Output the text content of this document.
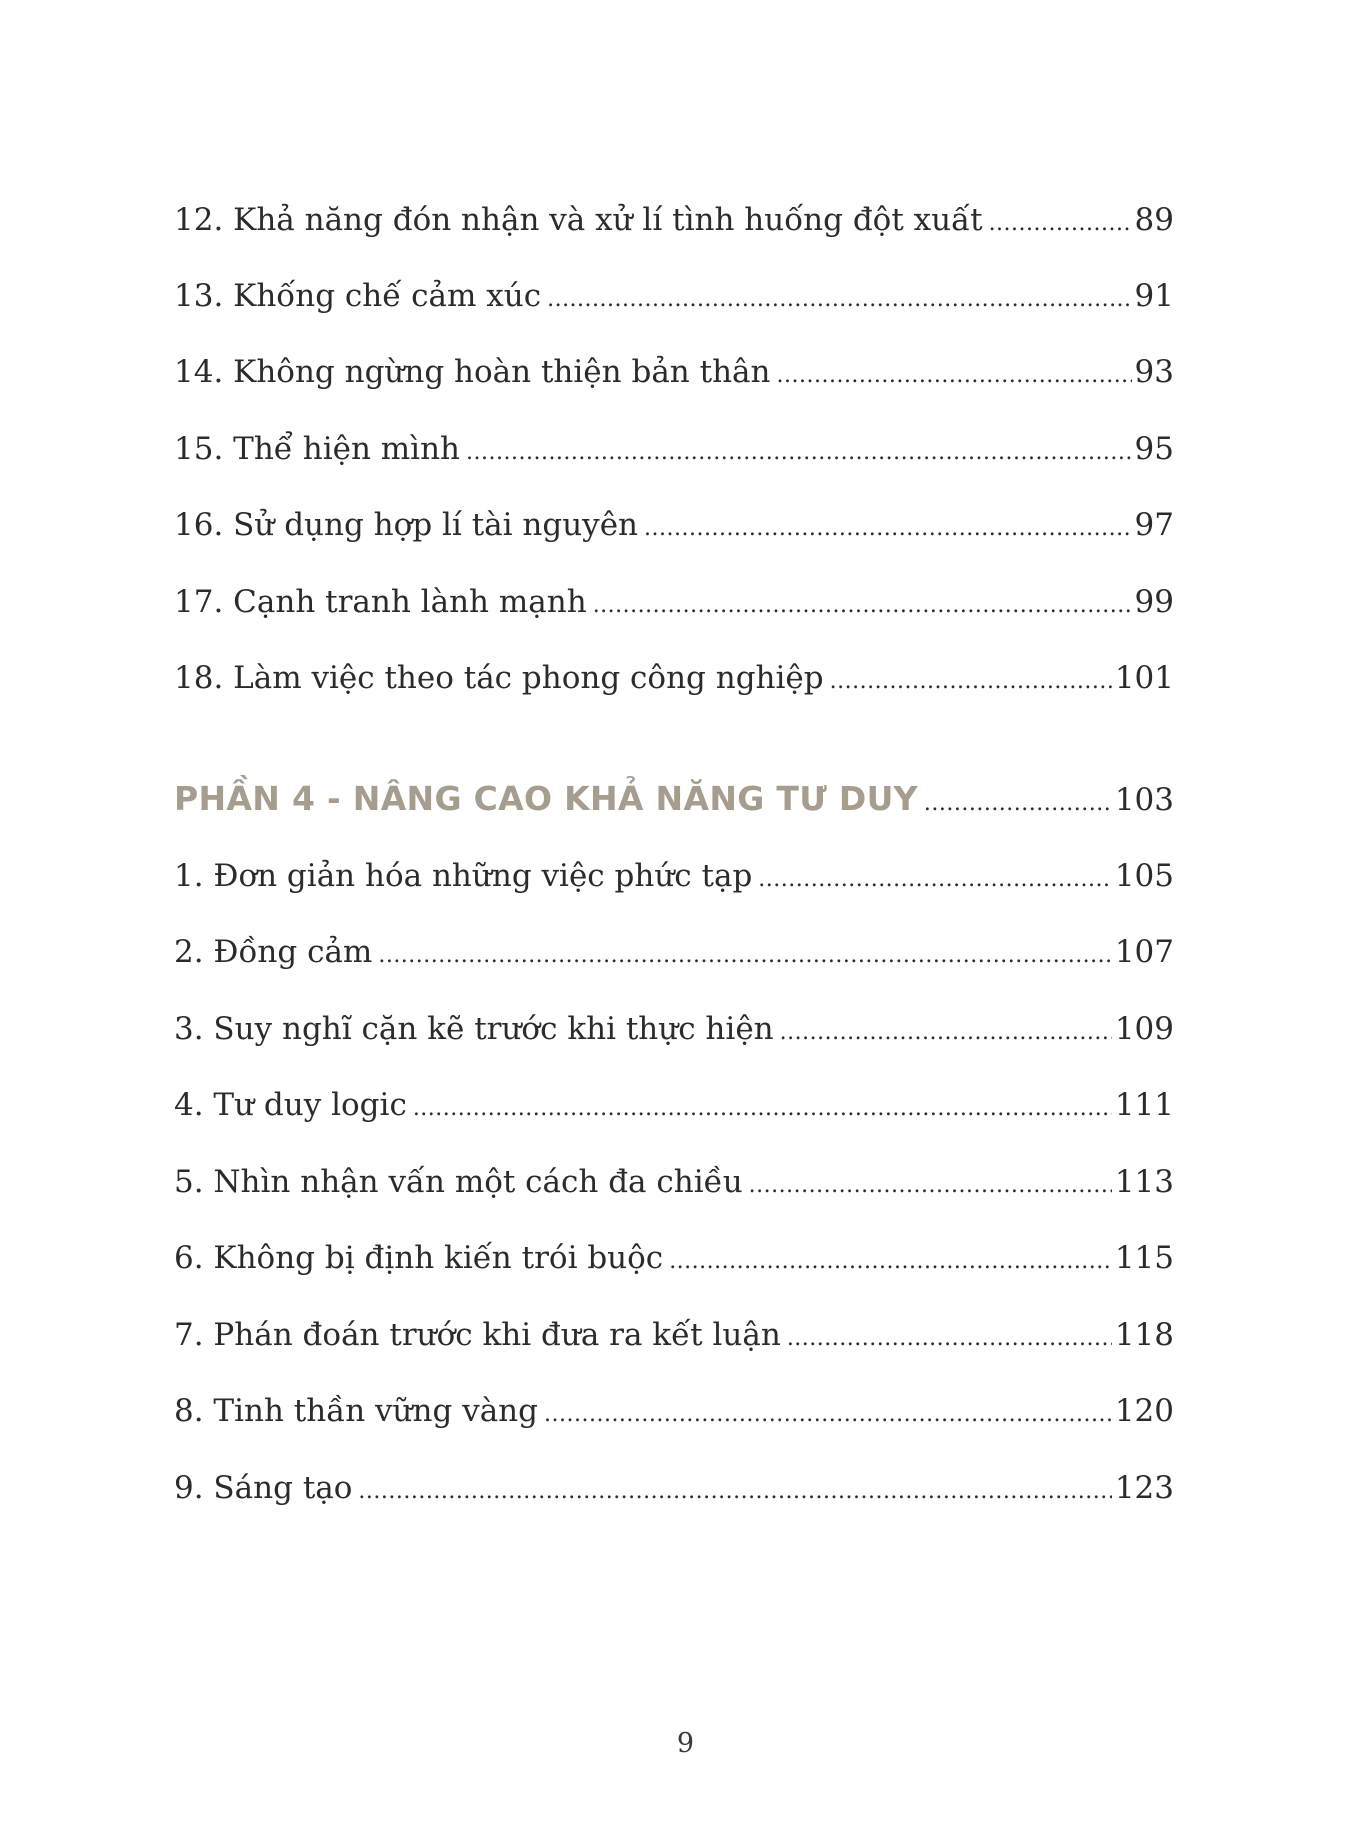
12. Khả năng đón nhận và xử lí tình huống đột xuất .....	89
13. Khống chế cảm xúc .....	91
14. Không ngừng hoàn thiện bản thân .....	93
15. Thể hiện mình .....	95
16. Sử dụng hợp lí tài nguyên .....	97
17. Cạnh tranh lành mạnh .....	99
18. Làm việc theo tác phong công nghiệp .....	101
PHẦN 4 - NÂNG CAO KHẢ NĂNG TƯ DUY .....	103
1. Đơn giản hóa những việc phức tạp .....	105
2. Đồng cảm .....	107
3. Suy nghĩ cặn kẽ trước khi thực hiện .....	109
4. Tư duy logic .....	111
5. Nhìn nhận vấn một cách đa chiều .....	113
6. Không bị định kiến trói buộc .....	115
7. Phán đoán trước khi đưa ra kết luận .....	118
8. Tinh thần vững vàng .....	120
9. Sáng tạo .....	123
9
